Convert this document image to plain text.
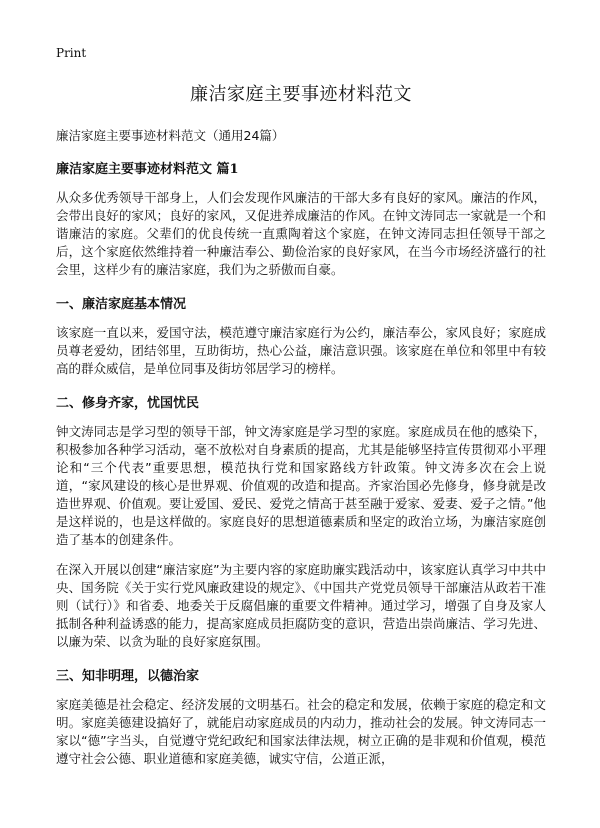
Print
廉洁家庭主要事迹材料范文
廉洁家庭主要事迹材料范文（通用24篇）
廉洁家庭主要事迹材料范文 篇1
从众多优秀领导干部身上，人们会发现作风廉洁的干部大多有良好的家风。廉洁的作风，会带出良好的家风；良好的家风，又促进养成廉洁的作风。在钟文涛同志一家就是一个和谐廉洁的家庭。父辈们的优良传统一直熏陶着这个家庭，在钟文涛同志担任领导干部之后，这个家庭依然维持着一种廉洁奉公、勤俭治家的良好家风，在当今市场经济盛行的社会里，这样少有的廉洁家庭，我们为之骄傲而自豪。
一、廉洁家庭基本情况
该家庭一直以来，爱国守法，模范遵守廉洁家庭行为公约，廉洁奉公，家风良好；家庭成员尊老爱幼，团结邻里，互助街坊，热心公益，廉洁意识强。该家庭在单位和邻里中有较高的群众威信，是单位同事及街坊邻居学习的榜样。
二、修身齐家，忧国忧民
钟文涛同志是学习型的领导干部，钟文涛家庭是学习型的家庭。家庭成员在他的感染下，积极参加各种学习活动，毫不放松对自身素质的提高，尤其是能够坚持宣传贯彻邓小平理论和“三个代表”重要思想，模范执行党和国家路线方针政策。钟文涛多次在会上说道，“家风建设的核心是世界观、价值观的改造和提高。齐家治国必先修身，修身就是改造世界观、价值观。要让爱国、爱民、爱党之情高于甚至融于爱家、爱妻、爱子之情。”他是这样说的，也是这样做的。家庭良好的思想道德素质和坚定的政治立场，为廉洁家庭创造了基本的创建条件。
在深入开展以创建“廉洁家庭”为主要内容的家庭助廉实践活动中，该家庭认真学习中共中央、国务院《关于实行党风廉政建设的规定》、《中国共产党党员领导干部廉洁从政若干准则（试行）》和省委、地委关于反腐倡廉的重要文件精神。通过学习，增强了自身及家人抵制各种利益诱惑的能力，提高家庭成员拒腐防变的意识，营造出崇尚廉洁、学习先进、以廉为荣、以贪为耻的良好家庭氛围。
三、知非明理，以德治家
家庭美德是社会稳定、经济发展的文明基石。社会的稳定和发展，依赖于家庭的稳定和文明。家庭美德建设搞好了，就能启动家庭成员的内动力，推动社会的发展。钟文涛同志一家以“德”字当头，自觉遵守党纪政纪和国家法律法规，树立正确的是非观和价值观，模范遵守社会公德、职业道德和家庭美德，诚实守信，公道正派，
